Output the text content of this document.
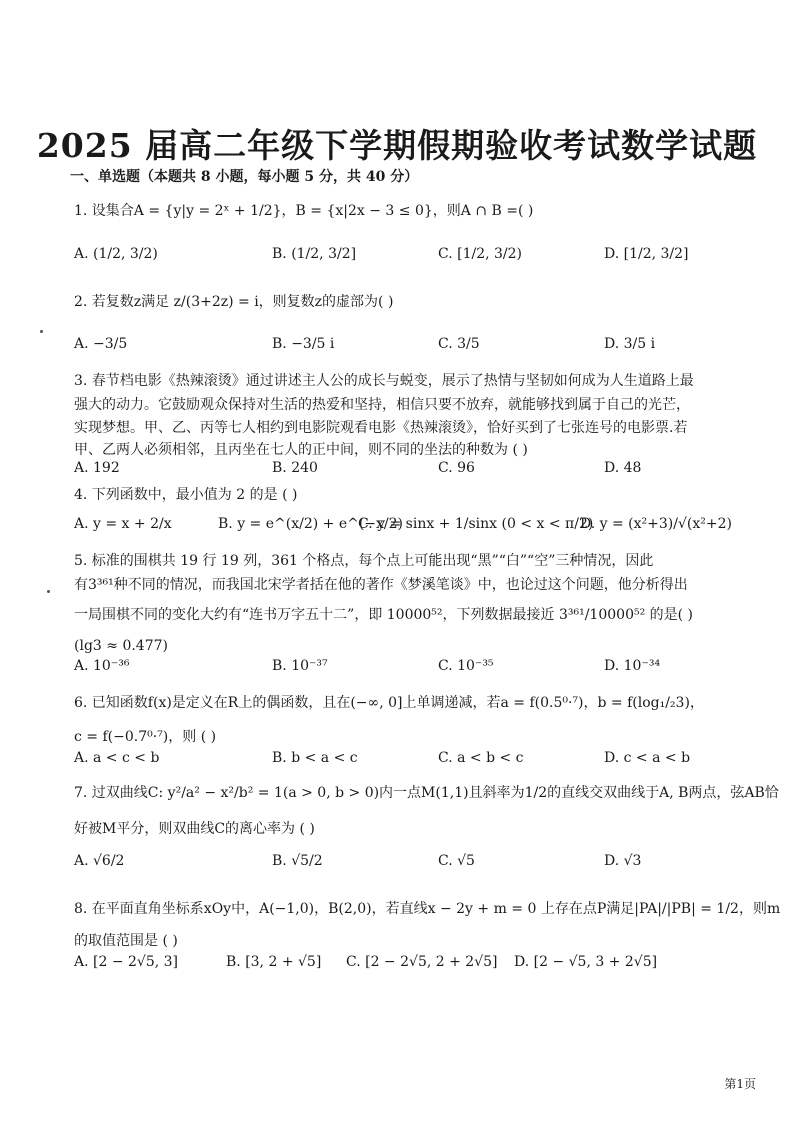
2025 届高二年级下学期假期验收考试数学试题
一、单选题（本题共 8 小题，每小题 5 分，共 40 分）
1. 设集合A = {y|y = 2ˣ + 1/2}，B = {x|2x − 3 ≤ 0}，则A ∩ B =( )
A. (1/2, 3/2)	B. (1/2, 3/2]	C. [1/2, 3/2)	D. [1/2, 3/2]
2. 若复数z满足 z/(3+2z) = i，则复数z的虚部为( )
A. −3/5	B. −3/5 i	C. 3/5	D. 3/5 i
3. 春节档电影《热辣滚烫》通过讲述主人公的成长与蜕变，展示了热情与坚韧如何成为人生道路上最
强大的动力。它鼓励观众保持对生活的热爱和坚持，相信只要不放弃，就能够找到属于自己的光芒，
实现梦想。甲、乙、丙等七人相约到电影院观看电影《热辣滚烫》，恰好买到了七张连号的电影票.若
甲、乙两人必须相邻，且丙坐在七人的正中间，则不同的坐法的种数为 ( )
A. 192	B. 240	C. 96	D. 48
4. 下列函数中，最小值为 2 的是 ( )
A. y = x + 2/x	B. y = e^(x/2) + e^(−x/2)
C. y = sinx + 1/sinx (0 < x < π/2)
D. y = (x²+3)/√(x²+2)
5. 标准的围棋共 19 行 19 列，361 个格点，每个点上可能出现“黑”“白”“空”三种情况，因此
有3³⁶¹种不同的情况，而我国北宋学者括在他的著作《梦溪笔谈》中，也论过这个问题，他分析得出
一局围棋不同的变化大约有“连书万字五十二”，即 10000⁵²，下列数据最接近 3³⁶¹/10000⁵² 的是( )
(lg3 ≈ 0.477)
A. 10⁻³⁶	B. 10⁻³⁷	C. 10⁻³⁵	D. 10⁻³⁴
6. 已知函数f(x)是定义在R上的偶函数，且在(−∞, 0]上单调递减，若a = f(0.5⁰·⁷)，b = f(log₁/₂3)，
c = f(−0.7⁰·⁷)，则 ( )
A. a < c < b	B. b < a < c	C. a < b < c	D. c < a < b
7. 过双曲线C: y²/a² − x²/b² = 1(a > 0, b > 0)内一点M(1,1)且斜率为1/2的直线交双曲线于A, B两点，弦AB恰
好被M平分，则双曲线C的离心率为 ( )
A. √6/2	B. √5/2	C. √5	D. √3
8. 在平面直角坐标系xOy中，A(−1,0)，B(2,0)，若直线x − 2y + m = 0 上存在点P满足|PA|/|PB| = 1/2，则m
的取值范围是 ( )
A. [2 − 2√5, 3]	B. [3, 2 + √5] C. [2 − 2√5, 2 + 2√5] D. [2 − √5, 3 + 2√5]
第1页
